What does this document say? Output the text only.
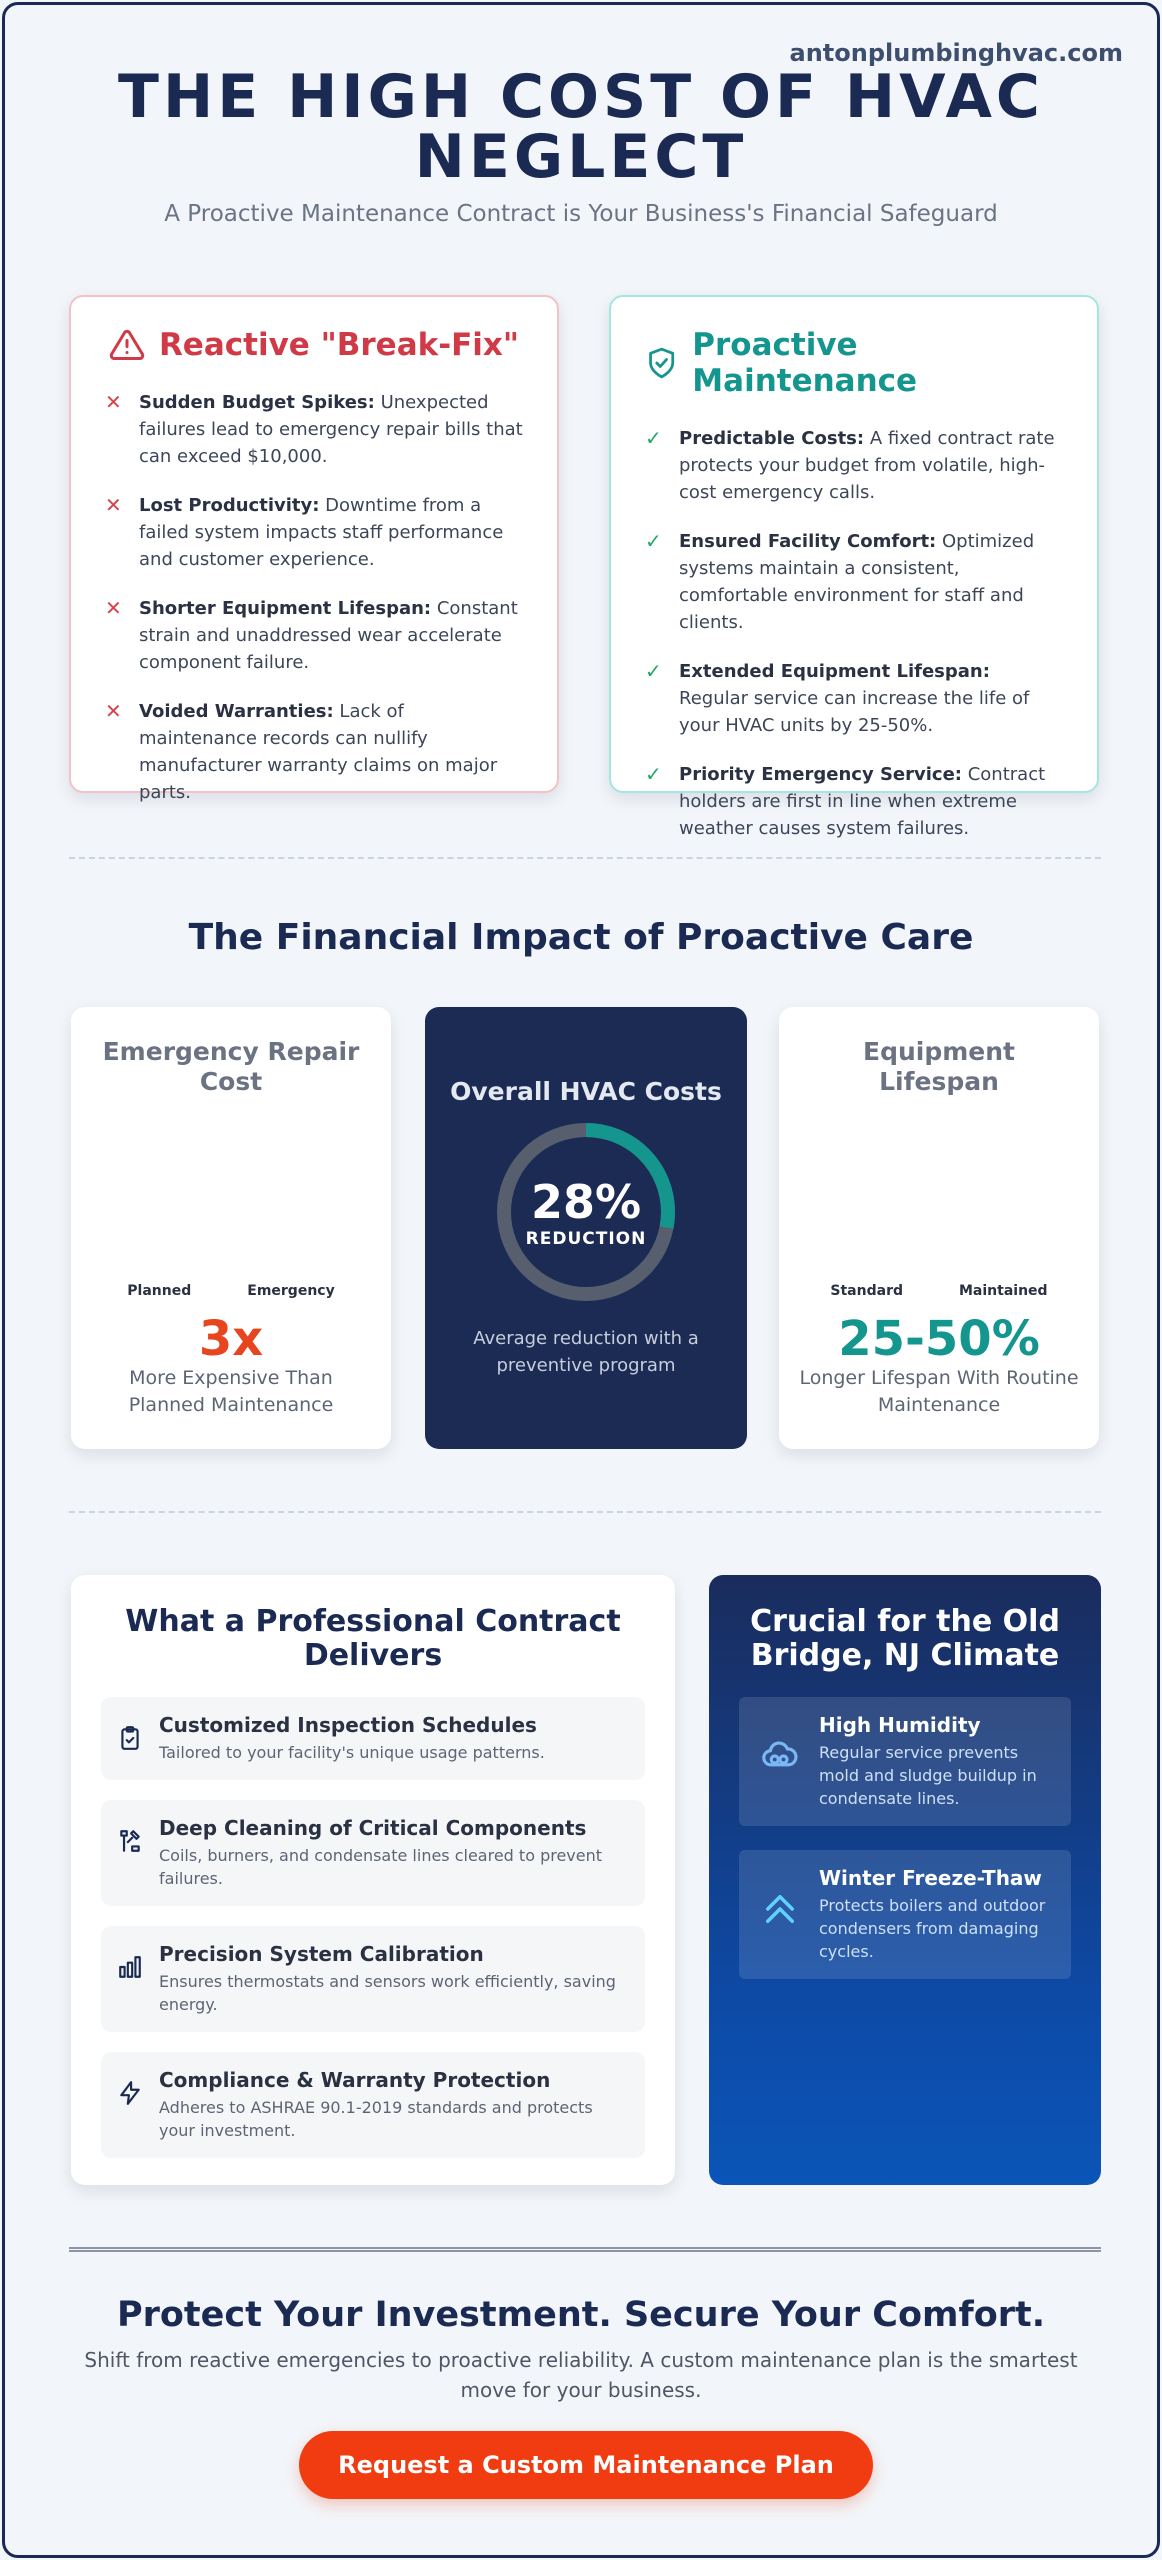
antonplumbinghvac.com
THE HIGH COST OF HVAC
NEGLECT
A Proactive Maintenance Contract is Your Business's Financial Safeguard
Reactive "Break-Fix"
✕ Sudden Budget Spikes: Unexpected failures lead to emergency repair bills that can exceed $10,000.
✕ Lost Productivity: Downtime from a failed system impacts staff performance and customer experience.
✕ Shorter Equipment Lifespan: Constant strain and unaddressed wear accelerate component failure.
✕ Voided Warranties: Lack of maintenance records can nullify manufacturer warranty claims on major parts.
Proactive Maintenance
✓ Predictable Costs: A fixed contract rate protects your budget from volatile, high-cost emergency calls.
✓ Ensured Facility Comfort: Optimized systems maintain a consistent, comfortable environment for staff and clients.
✓ Extended Equipment Lifespan: Regular service can increase the life of your HVAC units by 25-50%.
✓ Priority Emergency Service: Contract holders are first in line when extreme weather causes system failures.
The Financial Impact of Proactive Care
Emergency Repair Cost
Planned	Emergency
3x
More Expensive Than Planned Maintenance
Overall HVAC Costs
28%
REDUCTION
Average reduction with a preventive program
Equipment Lifespan
Standard	Maintained
25-50%
Longer Lifespan With Routine Maintenance
What a Professional Contract Delivers
Customized Inspection Schedules
Tailored to your facility's unique usage patterns.
Deep Cleaning of Critical Components
Coils, burners, and condensate lines cleared to prevent failures.
Precision System Calibration
Ensures thermostats and sensors work efficiently, saving energy.
Compliance & Warranty Protection
Adheres to ASHRAE 90.1-2019 standards and protects your investment.
Crucial for the Old Bridge, NJ Climate
High Humidity
Regular service prevents mold and sludge buildup in condensate lines.
Winter Freeze-Thaw
Protects boilers and outdoor condensers from damaging cycles.
Protect Your Investment. Secure Your Comfort.
Shift from reactive emergencies to proactive reliability. A custom maintenance plan is the smartest move for your business.
Request a Custom Maintenance Plan
